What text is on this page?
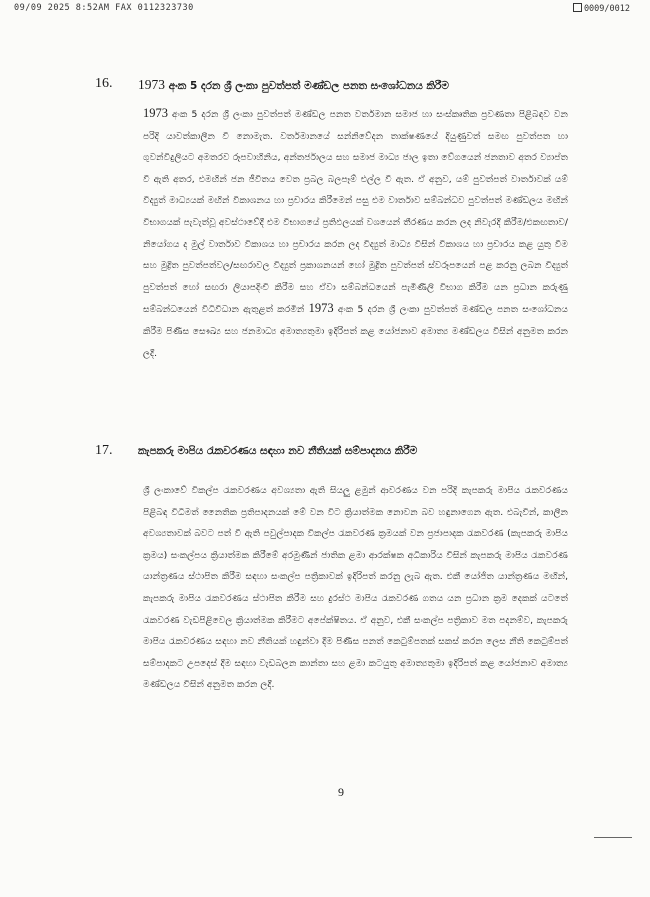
09/09 2025 8:52AM FAX 0112323730	0009/0012
16. 1973 අංක 5 දරන ශ්‍රී ලංකා පුවත්පත් මණ්ඩල පනත සංශෝධනය කිරීම
1973 අංක 5 දරන ශ්‍රී ලංකා පුවත්පත් මණ්ඩල පනත වර්තමාන සමාජ හා සංස්කෘතික ප්‍රවණතා පිළිබඳව වන පරිදි යාවත්කාලීන වී නොමැත. වර්තමානයේ සන්නිවේදන තාක්ෂණයේ දියුණුවත් සමඟ පුවත්පත හා ගුවන්විදුලියට අමතරව රූපවාහිනිය, අන්තර්ජාලය සහ සමාජ මාධ්‍ය ජාල ඉතා වේගයෙන් ජනතාව අතර ව්‍යාප්ත වී ඇති අතර, එමඟින් ජන ජීවිතය වෙත ප්‍රබල බලපෑම් එල්ල වී ඇත. ඒ අනුව, යම් පුවත්පත් වාර්තාවක් යම් විද්‍යුත් මාධ්‍යයක් මඟින් විකාශනය හා ප්‍රචාරය කිරීමෙන් පසු එම වාර්තාව සම්බන්ධව පුවත්පත් මණ්ඩලය මඟින් විභාගයක් පැවැත්වූ අවස්ථාවේදී එම විභාගයේ ප්‍රතිඵලයක් වශයෙන් තීරණය කරන ලද නිවැරදි කිරීම/එකඟතාව/නියෝගය ද මුල් වාර්තාව විකාශය හා ප්‍රචාරය කරන ලද විද්‍යුත් මාධ්‍ය විසින් විකාශය හා ප්‍රචාරය කළ යුතු වීම සහ මුද්‍රිත පුවත්පත්වල/සඟරාවල විද්‍යුත් ප්‍රකාශනයන් හෝ මුද්‍රිත පුවත්පත් ස්වරූපයෙන් පළ කරනු ලබන විද්‍යුත් පුවත්පත් හෝ සඟරා ලියාපදිංචි කිරීම සහ ඒවා සම්බන්ධයෙන් පැමිණිලි විභාග කිරීම යන ප්‍රධාන කරුණු සම්බන්ධයෙන් විධිවිධාන ඇතුළත් කරමින් 1973 අංක 5 දරන ශ්‍රී ලංකා පුවත්පත් මණ්ඩල පනත සංශෝධනය කිරීම පිණිස සෞඛ්‍ය සහ ජනමාධ්‍ය අමාත්‍යතුමා ඉදිරිපත් කළ යෝජනාව අමාත්‍ය මණ්ඩලය විසින් අනුමත කරන ලදී.
17. කැපකරු මාපිය රැකවරණය සඳහා නව නීතියක් සම්පාදනය කිරීම
ශ්‍රී ලංකාවේ විකල්ප රැකවරණය අවශ්‍යතා ඇති සියලු ළමුන් ආවරණය වන පරිදි කැපකරු මාපිය රැකවරණය පිළිබඳ විධිමත් නෛතික ප්‍රතිපාදනයක් මේ වන විට ක්‍රියාත්මක නොවන බව හඳුනාගෙන ඇත. එබැවින්, කාලීන අවශ්‍යතාවක් බවට පත් වී ඇති පවුල්පාදක විකල්ප රැකවරණ ක්‍රමයක් වන ප්‍රජාපාදක රැකවරණ (කැපකරු මාපිය ක්‍රමය) සංකල්පය ක්‍රියාත්මක කිරීමේ අරමුණින් ජාතික ළමා ආරක්ෂක අධිකාරිය විසින් කැපකරු මාපිය රැකවරණ යාන්ත්‍රණය ස්ථාපිත කිරීම සඳහා සංකල්ප පත්‍රිකාවක් ඉදිරිපත් කරනු ලැබ ඇත. එකී යෝජිත යාන්ත්‍රණය මඟින්, කැපකරු මාපිය රැකවරණය ස්ථාපිත කිරීම සහ දුරස්ථ මාපිය රැකවරණ ගතය යන ප්‍රධාන ක්‍රම දෙකක් යටතේ රැකවරණ වැඩපිළිවෙල ක්‍රියාත්මක කිරීමට අපේක්ෂිතය. ඒ අනුව, එකී සංකල්ප පත්‍රිකාව මත පදනම්ව, කැපකරු මාපිය රැකවරණය සඳහා නව නීතියක් හඳුන්වා දීම පිණිස පනත් කෙටුම්පතක් සකස් කරන ලෙස නීති කෙටුම්පත් සම්පාදකට උපදෙස් දීම සඳහා වැඩබලන කාන්තා සහ ළමා කටයුතු අමාත්‍යතුමා ඉදිරිපත් කළ යෝජනාව අමාත්‍ය මණ්ඩලය විසින් අනුමත කරන ලදී.
9
